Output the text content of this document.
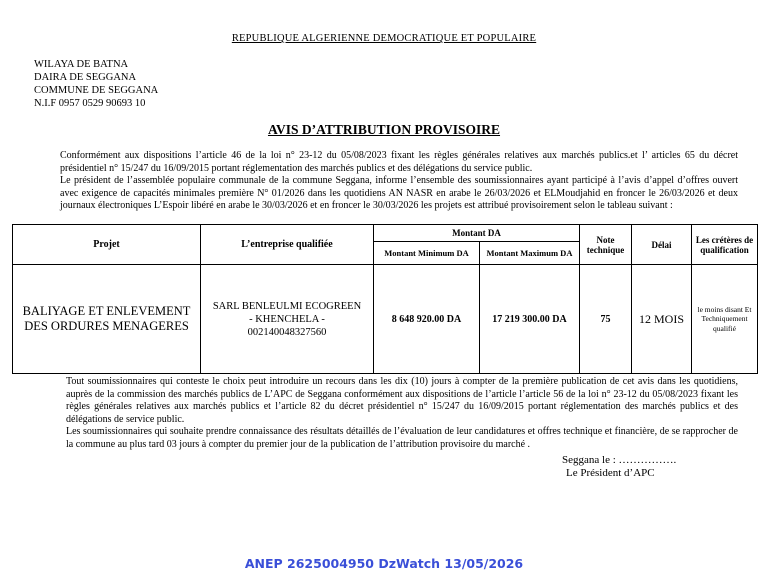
REPUBLIQUE ALGERIENNE DEMOCRATIQUE ET POPULAIRE
WILAYA DE BATNA
DAIRA DE SEGGANA
COMMUNE DE SEGGANA
N.I.F 0957 0529 90693 10
AVIS D’ATTRIBUTION PROVISOIRE
Conformément aux dispositions l’article 46 de la loi n° 23-12 du 05/08/2023 fixant les règles générales relatives aux marchés publics.et l’ articles 65 du décret présidentiel n° 15/247 du 16/09/2015 portant réglementation des marchés publics et des délégations du service public.
Le président de l’assemblée populaire communale de la commune Seggana, informe l’ensemble des soumissionnaires ayant participé à l’avis d’appel d’offres ouvert avec exigence de capacités minimales première N° 01/2026 dans les quotidiens AN NASR en arabe le 26/03/2026 et ELMoudjahid en froncer le 26/03/2026 et deux journaux électroniques L’Espoir libéré en arabe le 30/03/2026 et en froncer le 30/03/2026 les projets est attribué provisoirement selon le tableau suivant :
Projet	L’entreprise qualifiée	Montant DA		Note technique	Délai	Les crétères de qualification
		Montant Minimum DA	Montant Maximum DA			
BALIYAGE ET ENLEVEMENT DES ORDURES MENAGERES	SARL BENLEULMI ECOGREEN
- KHENCHELA -
002140048327560	8 648 920.00 DA	17 219 300.00 DA	75	12 MOIS	le moins disant Et Techniquement qualifié
Tout soumissionnaires qui conteste le choix peut introduire un recours dans les dix (10) jours à compter de la première publication de cet avis dans les quotidiens, auprès de la commission des marchés publics de L’APC de Seggana conformément aux dispositions de l’article l’article 56 de la loi n° 23-12 du 05/08/2023 fixant les règles générales relatives aux marchés publics et l’article 82 du décret présidentiel n° 15/247 du 16/09/2015 portant réglementation des marchés publics et des délégations de service public.
Les soumissionnaires qui souhaite prendre connaissance des résultats détaillés de l’évaluation de leur candidatures et offres technique et financière, de se rapprocher de la commune au plus tard 03 jours à compter du premier jour de la publication de l’attribution provisoire du marché .
Seggana le : …………….
Le Président d’APC
ANEP 2625004950 DzWatch 13/05/2026
